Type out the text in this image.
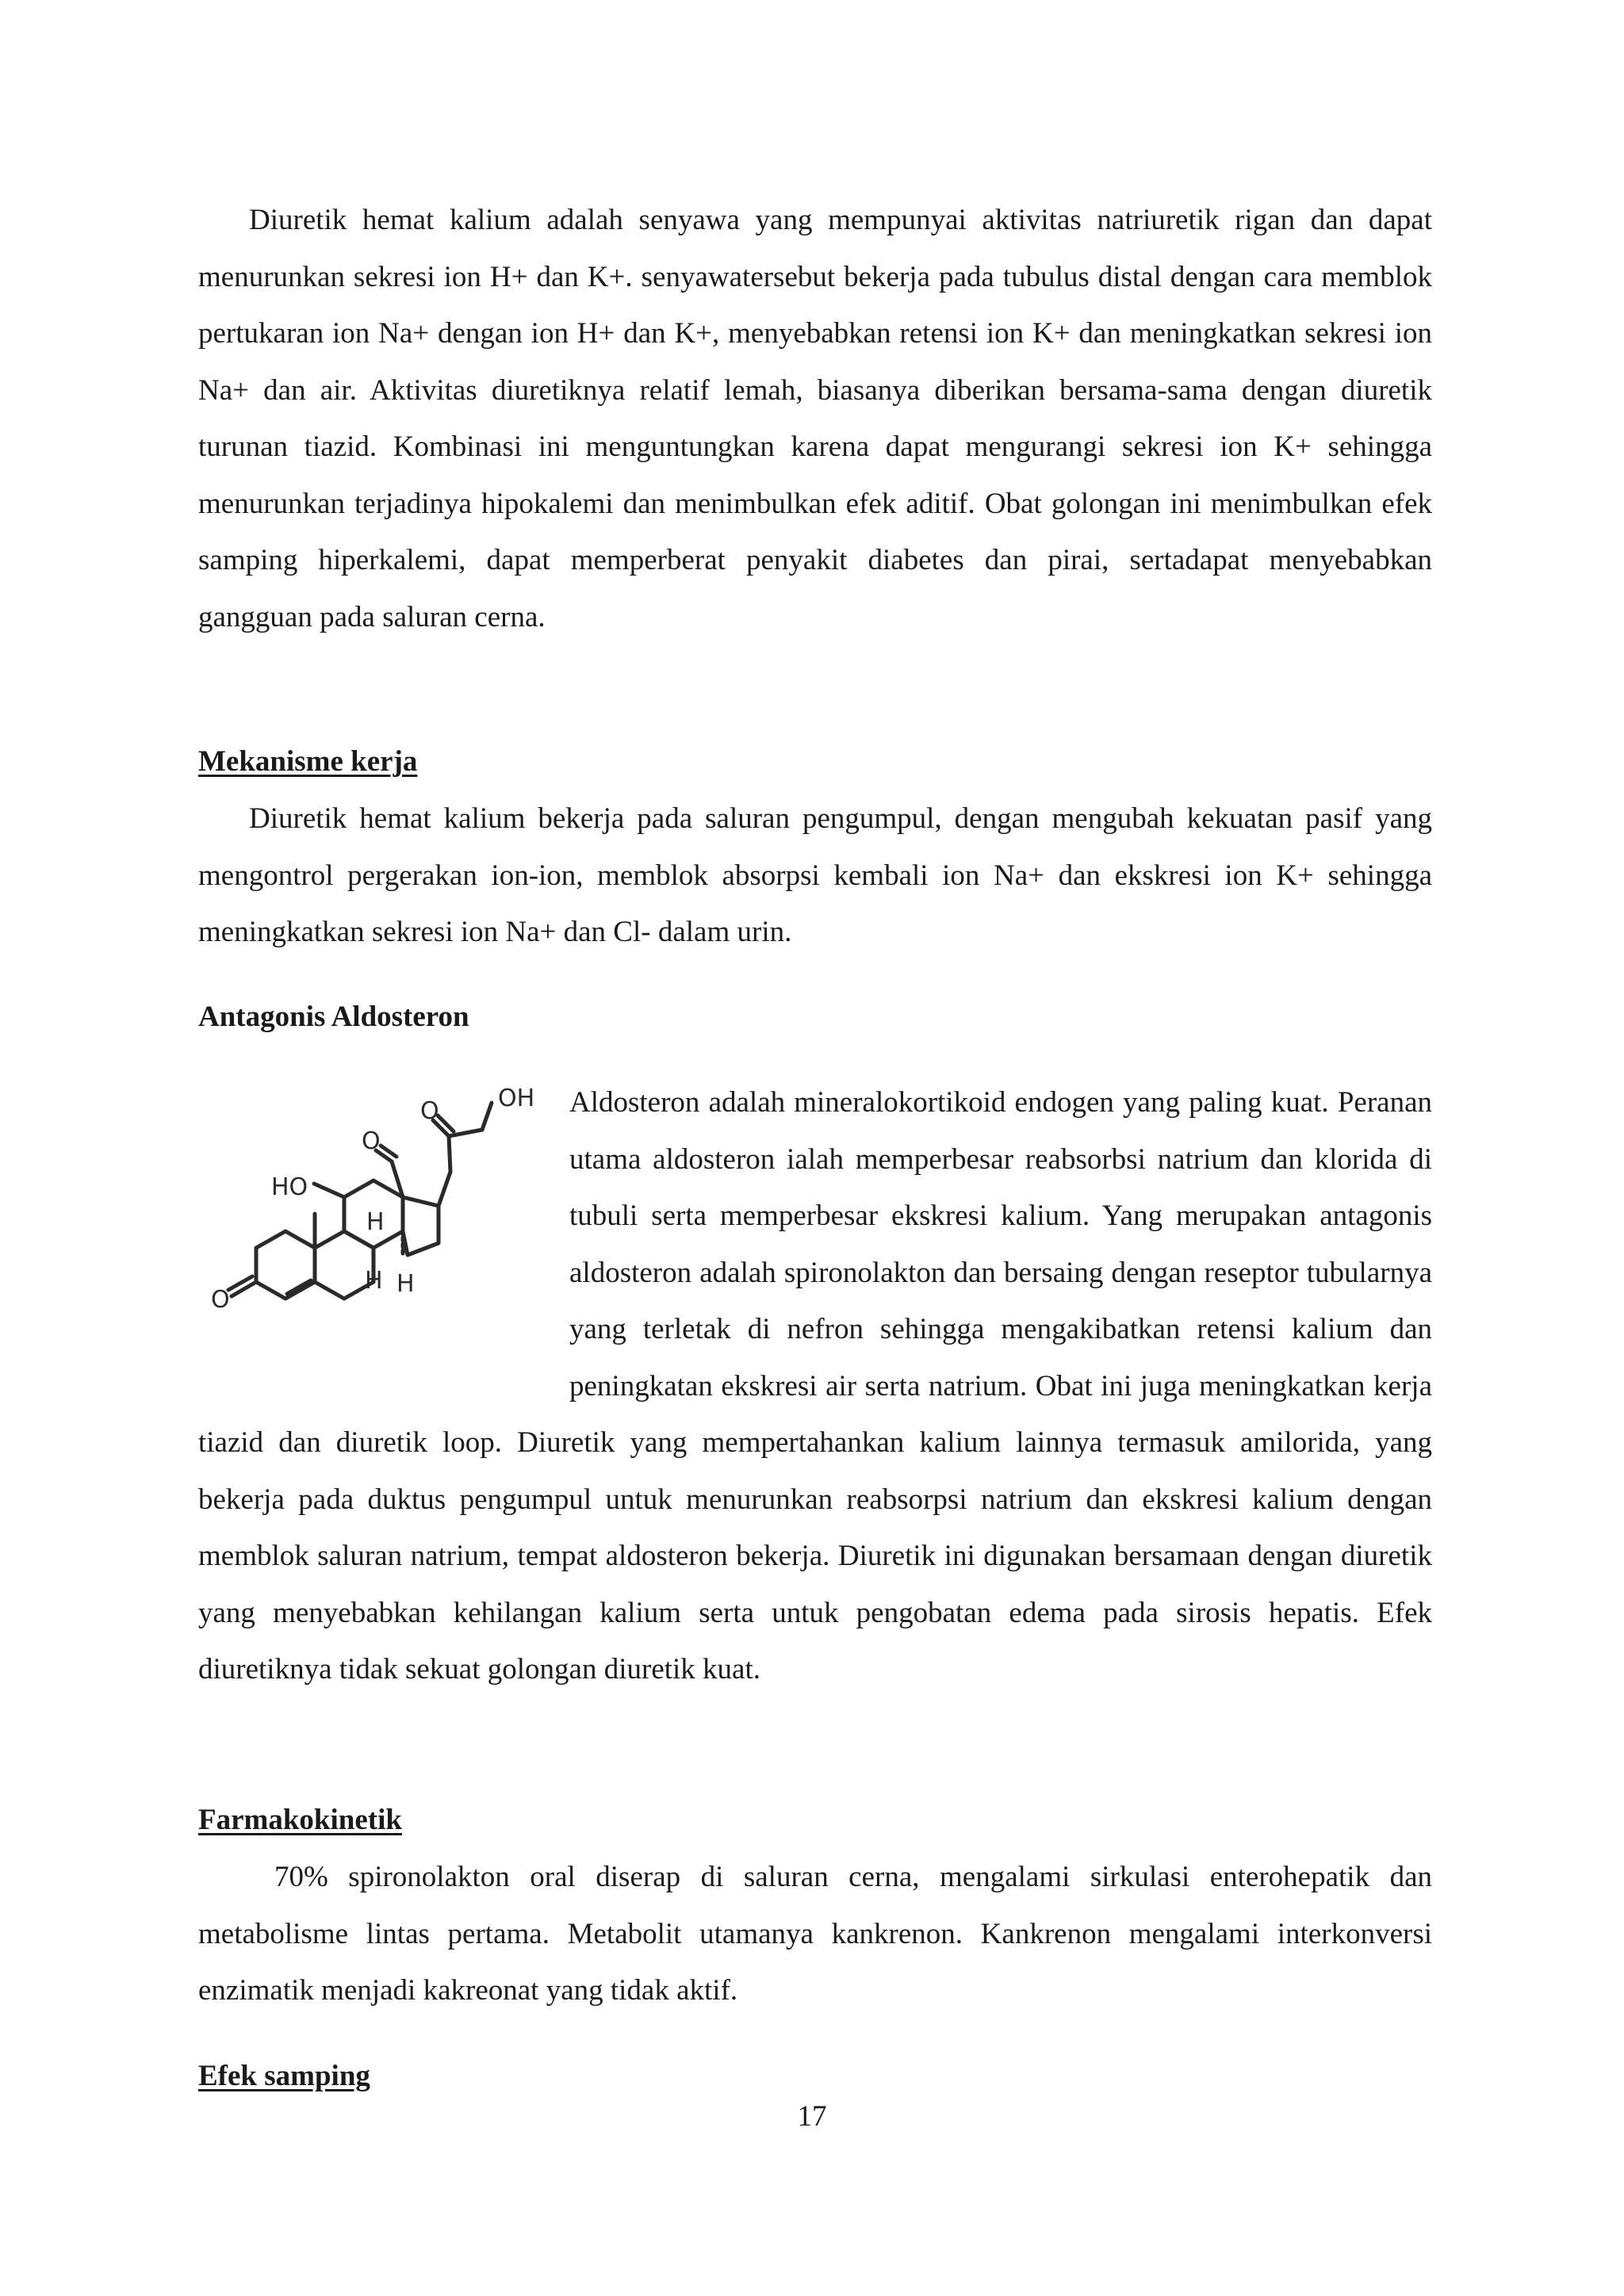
Diuretik hemat kalium adalah senyawa yang mempunyai aktivitas natriuretik rigan dan dapat menurunkan sekresi ion H+ dan K+. senyawatersebut bekerja pada tubulus distal dengan cara memblok pertukaran ion Na+ dengan ion H+ dan K+, menyebabkan retensi ion K+ dan meningkatkan sekresi ion Na+ dan air. Aktivitas diuretiknya relatif lemah, biasanya diberikan bersama-sama dengan diuretik turunan tiazid. Kombinasi ini menguntungkan karena dapat mengurangi sekresi ion K+ sehingga menurunkan terjadinya hipokalemi dan menimbulkan efek aditif. Obat golongan ini menimbulkan efek samping hiperkalemi, dapat memperberat penyakit diabetes dan pirai, sertadapat menyebabkan gangguan pada saluran cerna.

Mekanisme kerja

Diuretik hemat kalium bekerja pada saluran pengumpul, dengan mengubah kekuatan pasif yang mengontrol pergerakan ion-ion, memblok absorpsi kembali ion Na+ dan ekskresi ion K+ sehingga meningkatkan sekresi ion Na+ dan Cl- dalam urin.

Antagonis Aldosteron
OH
HO
O
O
O
H
H H

Aldosteron adalah mineralokortikoid endogen yang paling kuat. Peranan utama aldosteron ialah memperbesar reabsorbsi natrium dan klorida di tubuli serta memperbesar ekskresi kalium. Yang merupakan antagonis aldosteron adalah spironolakton dan bersaing dengan reseptor tubularnya yang terletak di nefron sehingga mengakibatkan retensi kalium dan peningkatan ekskresi air serta natrium. Obat ini juga meningkatkan kerja tiazid dan diuretik loop. Diuretik yang mempertahankan kalium lainnya termasuk amilorida, yang bekerja pada duktus pengumpul untuk menurunkan reabsorpsi natrium dan ekskresi kalium dengan memblok saluran natrium, tempat aldosteron bekerja. Diuretik ini digunakan bersamaan dengan diuretik yang menyebabkan kehilangan kalium serta untuk pengobatan edema pada sirosis hepatis. Efek diuretiknya tidak sekuat golongan diuretik kuat.

Farmakokinetik

70% spironolakton oral diserap di saluran cerna, mengalami sirkulasi enterohepatik dan metabolisme lintas pertama. Metabolit utamanya kankrenon. Kankrenon mengalami interkonversi enzimatik menjadi kakreonat yang tidak aktif.

Efek samping
17
